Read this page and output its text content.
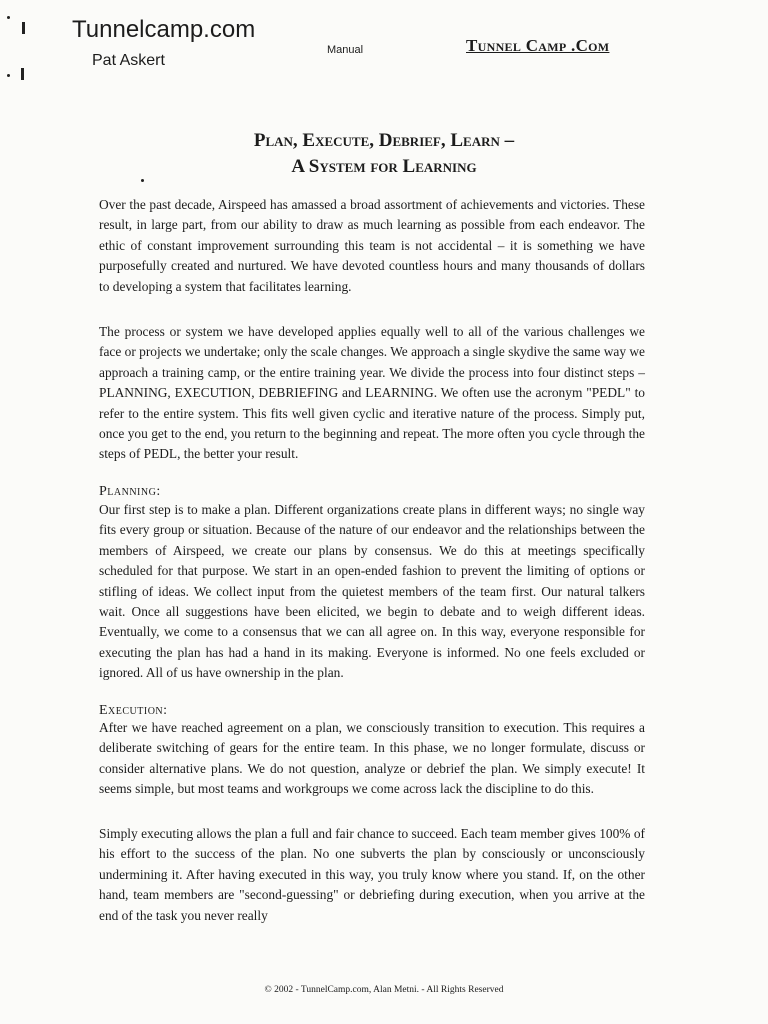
Tunnelcamp.com
Pat Askert
Manual	Tunnel Camp .Com
Plan, Execute, Debrief, Learn –
A System for Learning

Over the past decade, Airspeed has amassed a broad assortment of achievements and victories. These result, in large part, from our ability to draw as much learning as possible from each endeavor. The ethic of constant improvement surrounding this team is not accidental – it is something we have purposefully created and nurtured. We have devoted countless hours and many thousands of dollars to developing a system that facilitates learning.

The process or system we have developed applies equally well to all of the various challenges we face or projects we undertake; only the scale changes. We approach a single skydive the same way we approach a training camp, or the entire training year. We divide the process into four distinct steps – PLANNING, EXECUTION, DEBRIEFING and LEARNING. We often use the acronym "PEDL" to refer to the entire system. This fits well given cyclic and iterative nature of the process. Simply put, once you get to the end, you return to the beginning and repeat. The more often you cycle through the steps of PEDL, the better your result.

Planning:

Our first step is to make a plan. Different organizations create plans in different ways; no single way fits every group or situation. Because of the nature of our endeavor and the relationships between the members of Airspeed, we create our plans by consensus. We do this at meetings specifically scheduled for that purpose. We start in an open-ended fashion to prevent the limiting of options or stifling of ideas. We collect input from the quietest members of the team first. Our natural talkers wait. Once all suggestions have been elicited, we begin to debate and to weigh different ideas. Eventually, we come to a consensus that we can all agree on. In this way, everyone responsible for executing the plan has had a hand in its making. Everyone is informed. No one feels excluded or ignored. All of us have ownership in the plan.

Execution:

After we have reached agreement on a plan, we consciously transition to execution. This requires a deliberate switching of gears for the entire team. In this phase, we no longer formulate, discuss or consider alternative plans. We do not question, analyze or debrief the plan. We simply execute! It seems simple, but most teams and workgroups we come across lack the discipline to do this.

Simply executing allows the plan a full and fair chance to succeed. Each team member gives 100% of his effort to the success of the plan. No one subverts the plan by consciously or unconsciously undermining it. After having executed in this way, you truly know where you stand. If, on the other hand, team members are "second-guessing" or debriefing during execution, when you arrive at the end of the task you never really

© 2002 - TunnelCamp.com, Alan Metni. - All Rights Reserved
